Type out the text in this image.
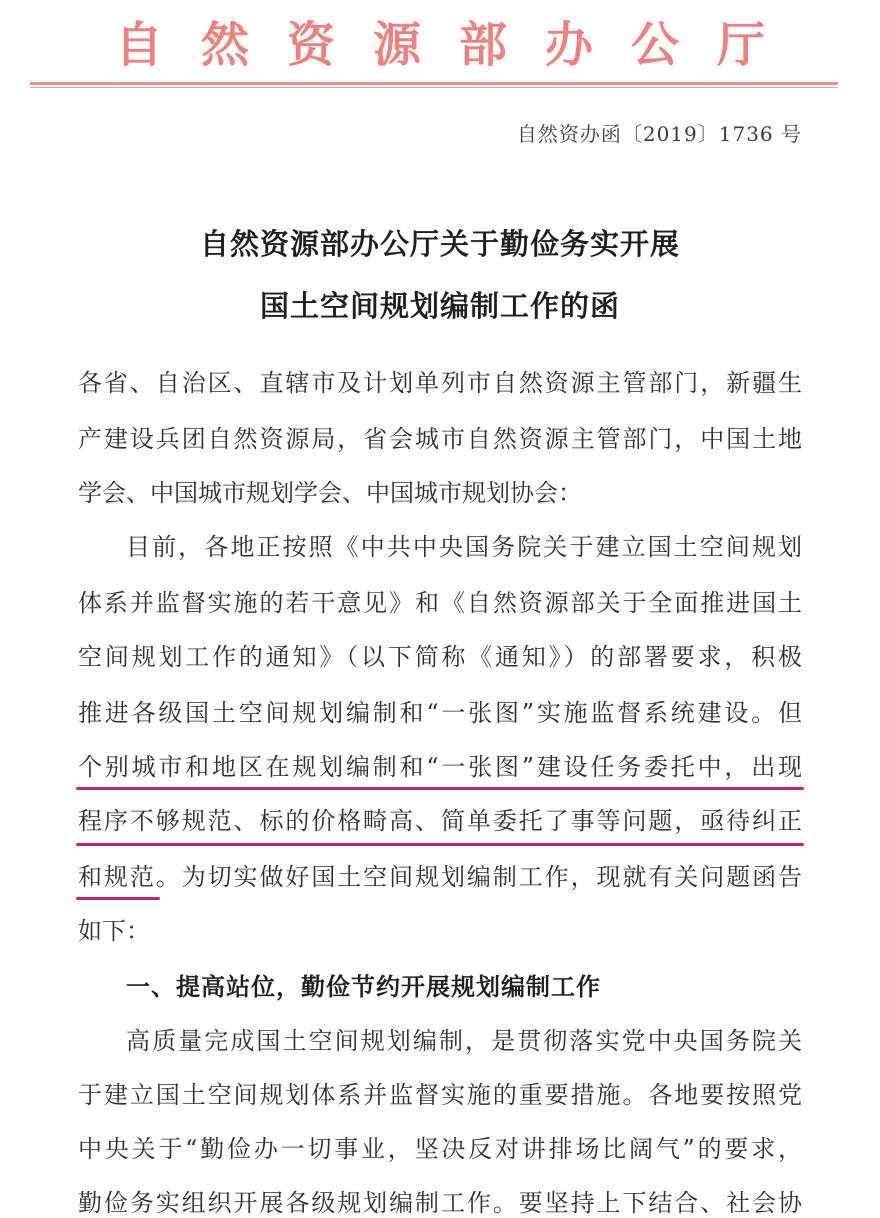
自然资源部办公厅
自然资办函〔2019〕1736 号
自然资源部办公厅关于勤俭务实开展
国土空间规划编制工作的函
各省、自治区、直辖市及计划单列市自然资源主管部门，新疆生
产建设兵团自然资源局，省会城市自然资源主管部门，中国土地
学会、中国城市规划学会、中国城市规划协会：
目前，各地正按照《中共中央国务院关于建立国土空间规划
体系并监督实施的若干意见》和《自然资源部关于全面推进国土
空间规划工作的通知》（以下简称《通知》）的部署要求，积极
推进各级国土空间规划编制和“一张图”实施监督系统建设。但
个别城市和地区在规划编制和“一张图”建设任务委托中，出现
程序不够规范、标的价格畸高、简单委托了事等问题，亟待纠正
和规范。为切实做好国土空间规划编制工作，现就有关问题函告
如下：
一、提高站位，勤俭节约开展规划编制工作
高质量完成国土空间规划编制，是贯彻落实党中央国务院关
于建立国土空间规划体系并监督实施的重要措施。各地要按照党
中央关于“勤俭办一切事业，坚决反对讲排场比阔气”的要求，
勤俭务实组织开展各级规划编制工作。要坚持上下结合、社会协
